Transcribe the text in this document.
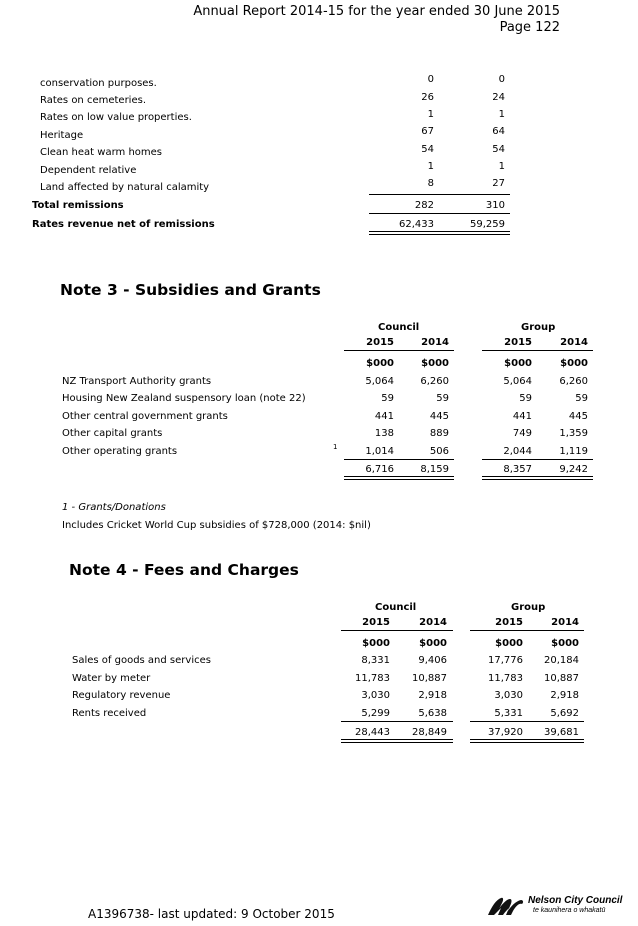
Annual Report 2014-15 for the year ended 30 June 2015
Page 122
conservation purposes.	0	0
Rates on cemeteries.	26	24
Rates on low value properties.	1	1
Heritage	67	64
Clean heat warm homes	54	54
Dependent relative	1	1
Land affected by natural calamity	8	27
Total remissions	282	310
Rates revenue net of remissions	62,433	59,259
Note 3 - Subsidies and Grants
Council	Group
2015	2014	2015	2014
$000	$000	$000	$000
NZ Transport Authority grants	5,064	6,260	5,064	6,260
Housing New Zealand suspensory loan (note 22)	59	59	59	59
Other central government grants	441	445	441	445
Other capital grants	138	889	749	1,359
Other operating grants	1	1,014	506	2,044	1,119
6,716	8,159	8,357	9,242
1 - Grants/Donations
Includes Cricket World Cup subsidies of $728,000 (2014: $nil)
Note 4 - Fees and Charges
Council	Group
2015	2014	2015	2014
$000	$000	$000	$000
Sales of goods and services	8,331	9,406	17,776 20,184
Water by meter	11,783 10,887	11,783 10,887
Regulatory revenue	3,030	2,918	3,030	2,918
Rents received	5,299	5,638	5,331	5,692
28,443 28,849	37,920 39,681
A1396738- last updated: 9 October 2015
Nelson City Council
te kaunihera o whakatū
